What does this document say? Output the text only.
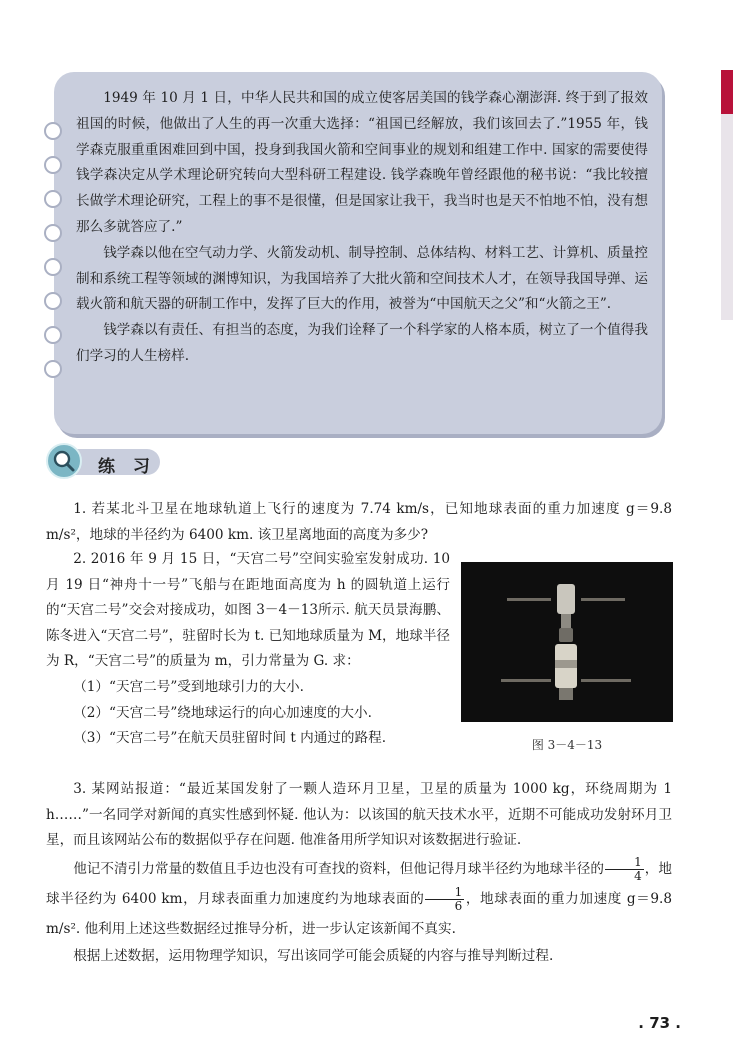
1949 年 10 月 1 日，中华人民共和国的成立使客居美国的钱学森心潮澎湃. 终于到了报效祖国的时候，他做出了人生的再一次重大选择：“祖国已经解放，我们该回去了.”1955 年，钱学森克服重重困难回到中国，投身到我国火箭和空间事业的规划和组建工作中. 国家的需要使得钱学森决定从学术理论研究转向大型科研工程建设. 钱学森晚年曾经跟他的秘书说：“我比较擅长做学术理论研究，工程上的事不是很懂，但是国家让我干，我当时也是天不怕地不怕，没有想那么多就答应了.”

钱学森以他在空气动力学、火箭发动机、制导控制、总体结构、材料工艺、计算机、质量控制和系统工程等领域的渊博知识，为我国培养了大批火箭和空间技术人才，在领导我国导弹、运载火箭和航天器的研制工作中，发挥了巨大的作用，被誉为“中国航天之父”和“火箭之王”.

钱学森以有责任、有担当的态度，为我们诠释了一个科学家的人格本质，树立了一个值得我们学习的人生榜样.

练 习

1. 若某北斗卫星在地球轨道上飞行的速度为 7.74 km/s，已知地球表面的重力加速度 g＝9.8 m/s²，地球的半径约为 6400 km. 该卫星离地面的高度为多少?

2. 2016 年 9 月 15 日，“天宫二号”空间实验室发射成功. 10 月 19 日“神舟十一号”飞船与在距地面高度为 h 的圆轨道上运行的“天宫二号”交会对接成功，如图 3－4－13所示. 航天员景海鹏、陈冬进入“天宫二号”，驻留时长为 t. 已知地球质量为 M，地球半径为 R，“天宫二号”的质量为 m，引力常量为 G. 求：

（1）“天宫二号”受到地球引力的大小.

（2）“天宫二号”绕地球运行的向心加速度的大小.

（3）“天宫二号”在航天员驻留时间 t 内通过的路程.	图 3－4－13

3. 某网站报道：“最近某国发射了一颗人造环月卫星，卫星的质量为 1000 kg，环绕周期为 1 h……”一名同学对新闻的真实性感到怀疑. 他认为：以该国的航天技术水平，近期不可能成功发射环月卫星，而且该网站公布的数据似乎存在问题. 他准备用所学知识对该数据进行验证.

他记不清引力常量的数值且手边也没有可查找的资料，但他记得月球半径约为地球半径的 $\frac{1}{4}$ ，地球半径约为 6400 km，月球表面重力加速度约为地球表面的 $\frac{1}{6}$ ，地球表面的重力加速度 g＝9.8 m/s². 他利用上述这些数据经过推导分析，进一步认定该新闻不真实.

根据上述数据，运用物理学知识，写出该同学可能会质疑的内容与推导判断过程.

. 73 .
